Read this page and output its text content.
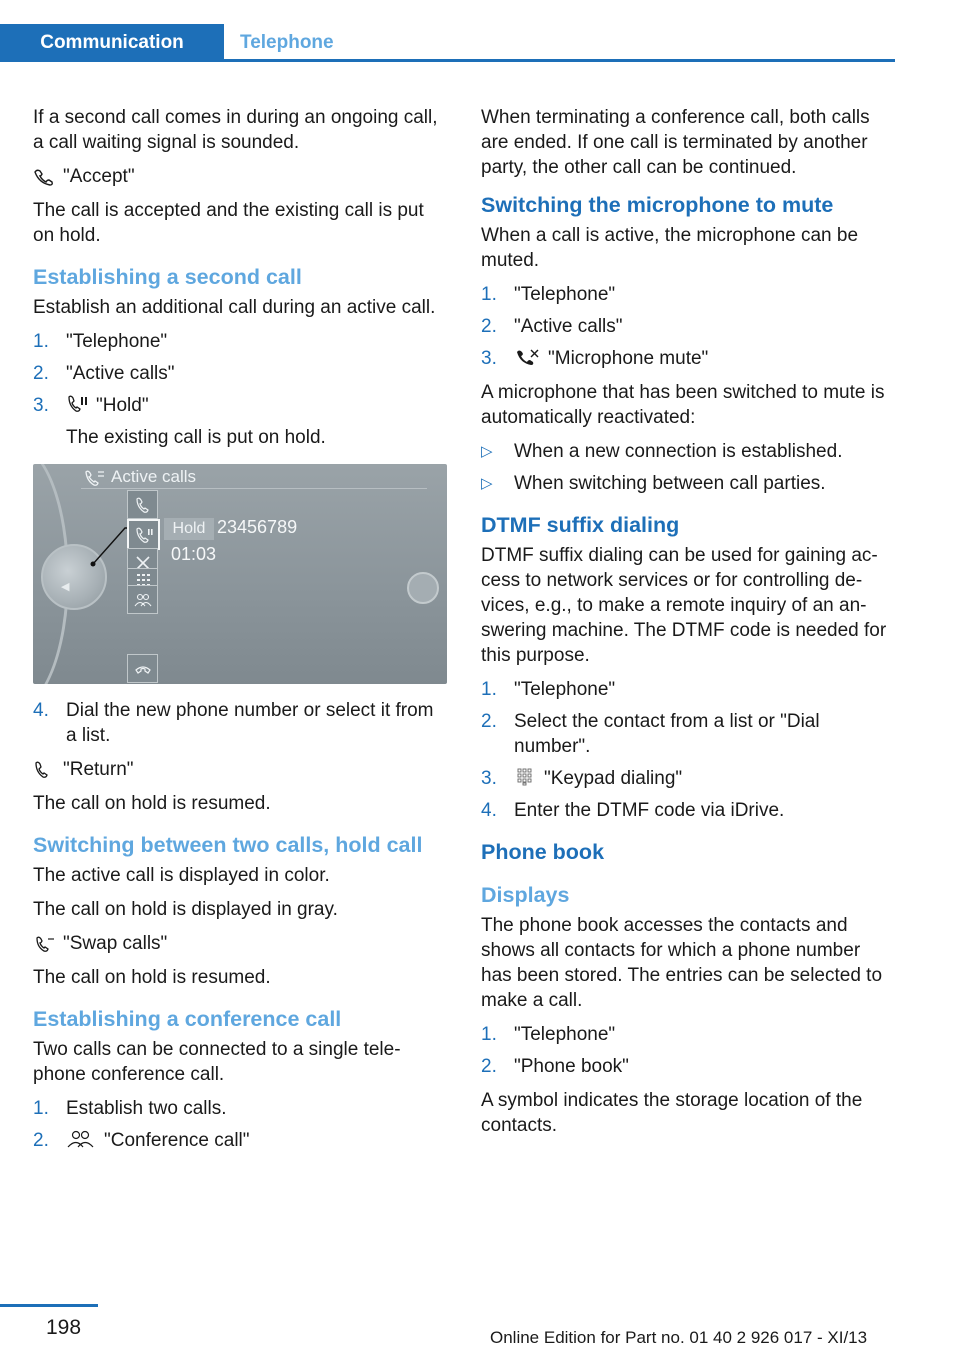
Communication	Telephone

If a second call comes in during an ongoing call, a call waiting signal is sounded.

"Accept"

The call is accepted and the existing call is put on hold.

Establishing a second call

Establish an additional call during an active call.

1. "Telephone"
2. "Active calls"
3. "Hold"
The existing call is put on hold.
Active calls
◀
Hold 23456789
01:03
4. Dial the new phone number or select it from a list.

"Return"

The call on hold is resumed.

Switching between two calls, hold call

The active call is displayed in color.

The call on hold is displayed in gray.

"Swap calls"

The call on hold is resumed.

Establishing a conference call

Two calls can be connected to a single tele‐ phone conference call.

1. Establish two calls.
2.	"Conference call"

When terminating a conference call, both calls are ended. If one call is terminated by another party, the other call can be continued.

Switching the microphone to mute

When a call is active, the microphone can be muted.

1. "Telephone"
2. "Active calls"
3.	"Microphone mute"

A microphone that has been switched to mute is automatically reactivated:

▷ When a new connection is established.
▷ When switching between call parties.
DTMF suffix dialing

DTMF suffix dialing can be used for gaining ac‐ cess to network services or for controlling de‐ vices, e.g., to make a remote inquiry of an an‐ swering machine. The DTMF code is needed for this purpose.

1. "Telephone"
2. Select the contact from a list or "Dial number".
3. "Keypad dialing"
4. Enter the DTMF code via iDrive.
Phone book
Displays

The phone book accesses the contacts and shows all contacts for which a phone number has been stored. The entries can be selected to make a call.

1. "Telephone"
2. "Phone book"

A symbol indicates the storage location of the contacts.

198	Online Edition for Part no. 01 40 2 926 017 - XI/13
